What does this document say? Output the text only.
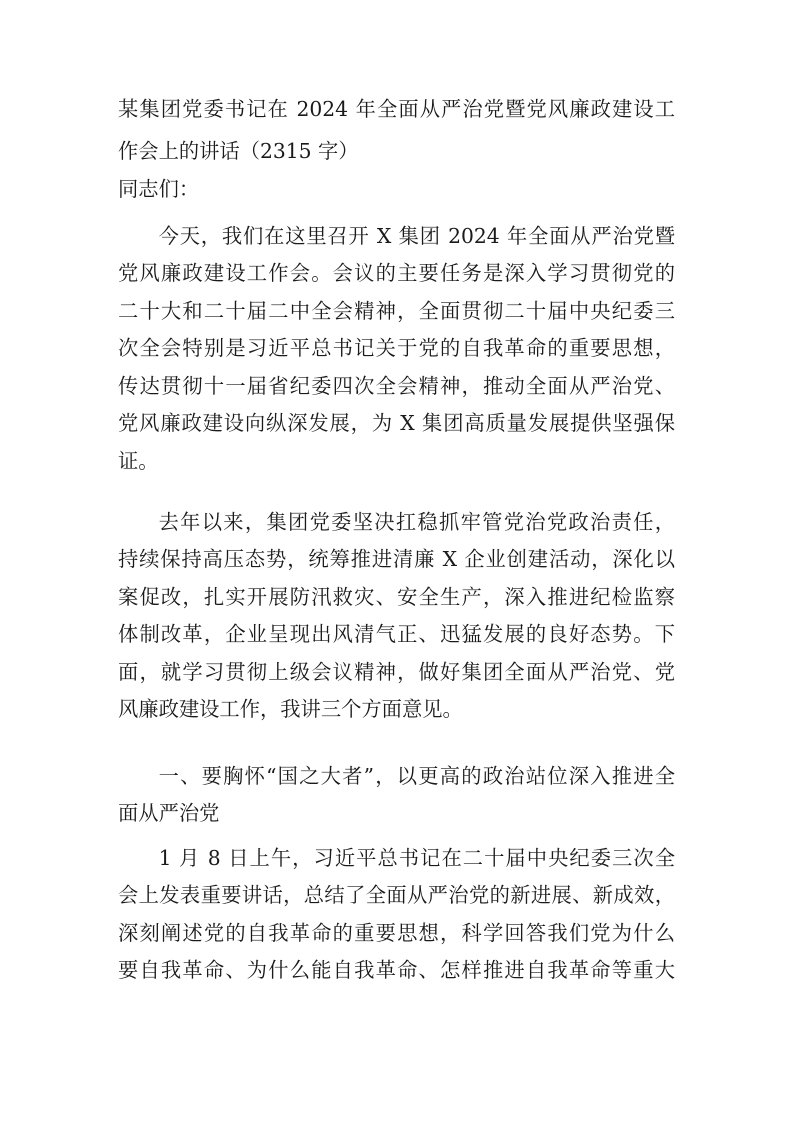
某集团党委书记在 2024 年全面从严治党暨党风廉政建设工
作会上的讲话（2315 字）
同志们：
今天，我们在这里召开 X 集团 2024 年全面从严治党暨
党风廉政建设工作会。会议的主要任务是深入学习贯彻党的
二十大和二十届二中全会精神，全面贯彻二十届中央纪委三
次全会特别是习近平总书记关于党的自我革命的重要思想，
传达贯彻十一届省纪委四次全会精神，推动全面从严治党、
党风廉政建设向纵深发展，为 X 集团高质量发展提供坚强保
证。
去年以来，集团党委坚决扛稳抓牢管党治党政治责任，
持续保持高压态势，统筹推进清廉 X 企业创建活动，深化以
案促改，扎实开展防汛救灾、安全生产，深入推进纪检监察
体制改革，企业呈现出风清气正、迅猛发展的良好态势。下
面，就学习贯彻上级会议精神，做好集团全面从严治党、党
风廉政建设工作，我讲三个方面意见。
一、要胸怀“国之大者”，以更高的政治站位深入推进全
面从严治党
1 月 8 日上午，习近平总书记在二十届中央纪委三次全
会上发表重要讲话，总结了全面从严治党的新进展、新成效，
深刻阐述党的自我革命的重要思想，科学回答我们党为什么
要自我革命、为什么能自我革命、怎样推进自我革命等重大
